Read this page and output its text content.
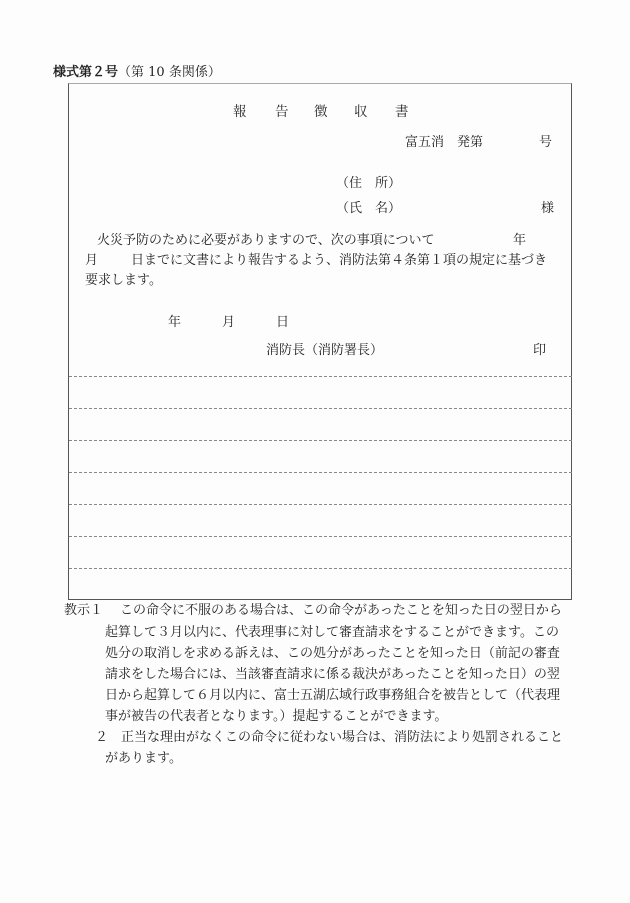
様式第２号（第 10 条関係）
報 告 徴 収 書
富五消　発第	号
（住　所）
（氏　名）	様
火災予防のために必要がありますので、次の事項について	年
月	日までに文書により報告するよう、消防法第４条第１項の規定に基づき
要求します。
年	月	日
消防長（消防署長）	印
教示１ この命令に不服のある場合は、この命令があったことを知った日の翌日から
起算して３月以内に、代表理事に対して審査請求をすることができます。この
処分の取消しを求める訴えは、この処分があったことを知った日（前記の審査
請求をした場合には、当該審査請求に係る裁決があったことを知った日）の翌
日から起算して６月以内に、富士五湖広域行政事務組合を被告として（代表理
事が被告の代表者となります。）提起することができます。
２ 正当な理由がなくこの命令に従わない場合は、消防法により処罰されること
があります。
